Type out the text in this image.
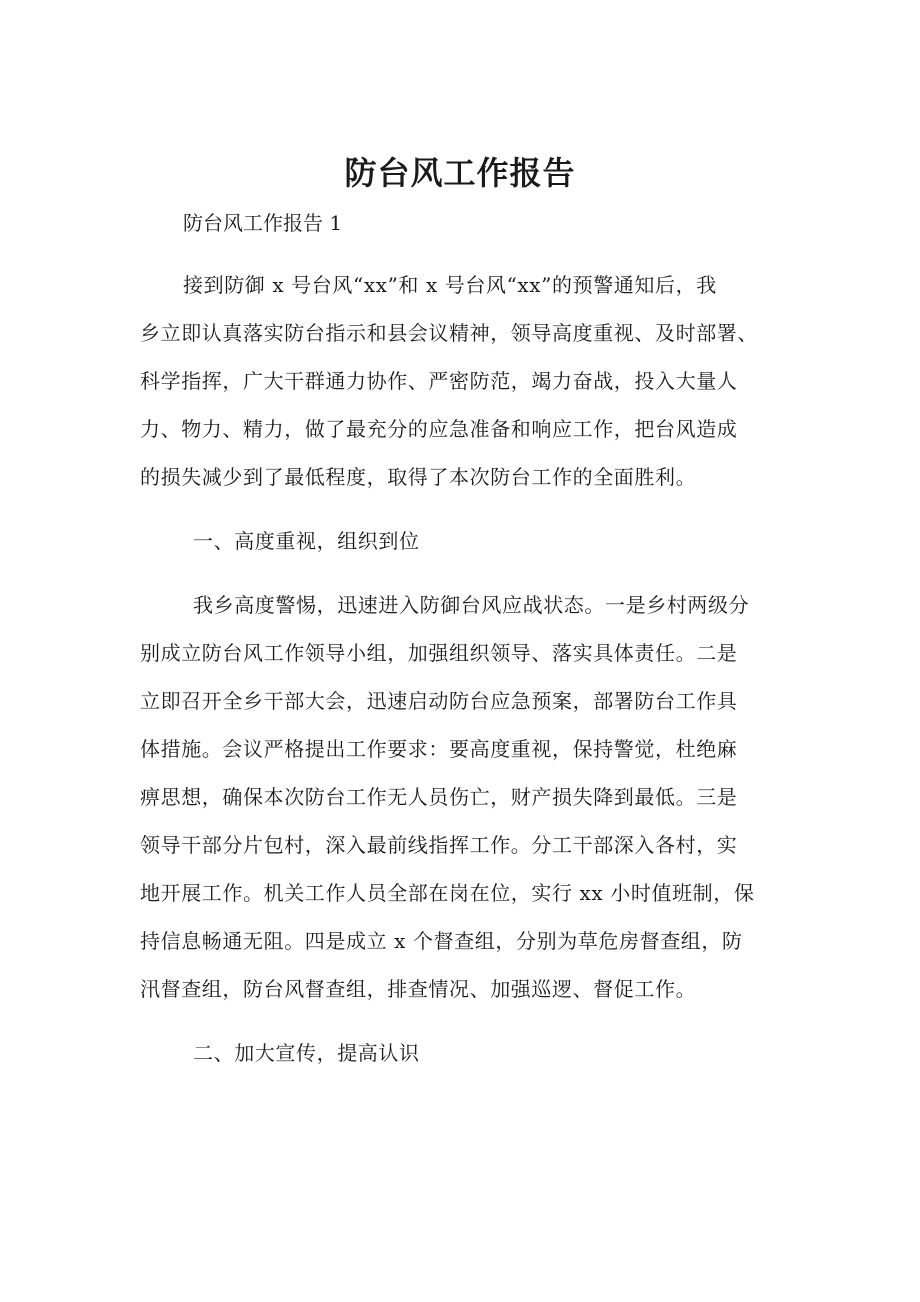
防台风工作报告
防台风工作报告 1
接到防御 x 号台风“xx”和 x 号台风“xx”的预警通知后，我
乡立即认真落实防台指示和县会议精神，领导高度重视、及时部署、
科学指挥，广大干群通力协作、严密防范，竭力奋战，投入大量人
力、物力、精力，做了最充分的应急准备和响应工作，把台风造成
的损失减少到了最低程度，取得了本次防台工作的全面胜利。
一、高度重视，组织到位
我乡高度警惕，迅速进入防御台风应战状态。一是乡村两级分
别成立防台风工作领导小组，加强组织领导、落实具体责任。二是
立即召开全乡干部大会，迅速启动防台应急预案，部署防台工作具
体措施。会议严格提出工作要求：要高度重视，保持警觉，杜绝麻
痹思想，确保本次防台工作无人员伤亡，财产损失降到最低。三是
领导干部分片包村，深入最前线指挥工作。分工干部深入各村，实
地开展工作。机关工作人员全部在岗在位，实行 xx 小时值班制，保
持信息畅通无阻。四是成立 x 个督查组，分别为草危房督查组，防
汛督查组，防台风督查组，排查情况、加强巡逻、督促工作。
二、加大宣传，提高认识
